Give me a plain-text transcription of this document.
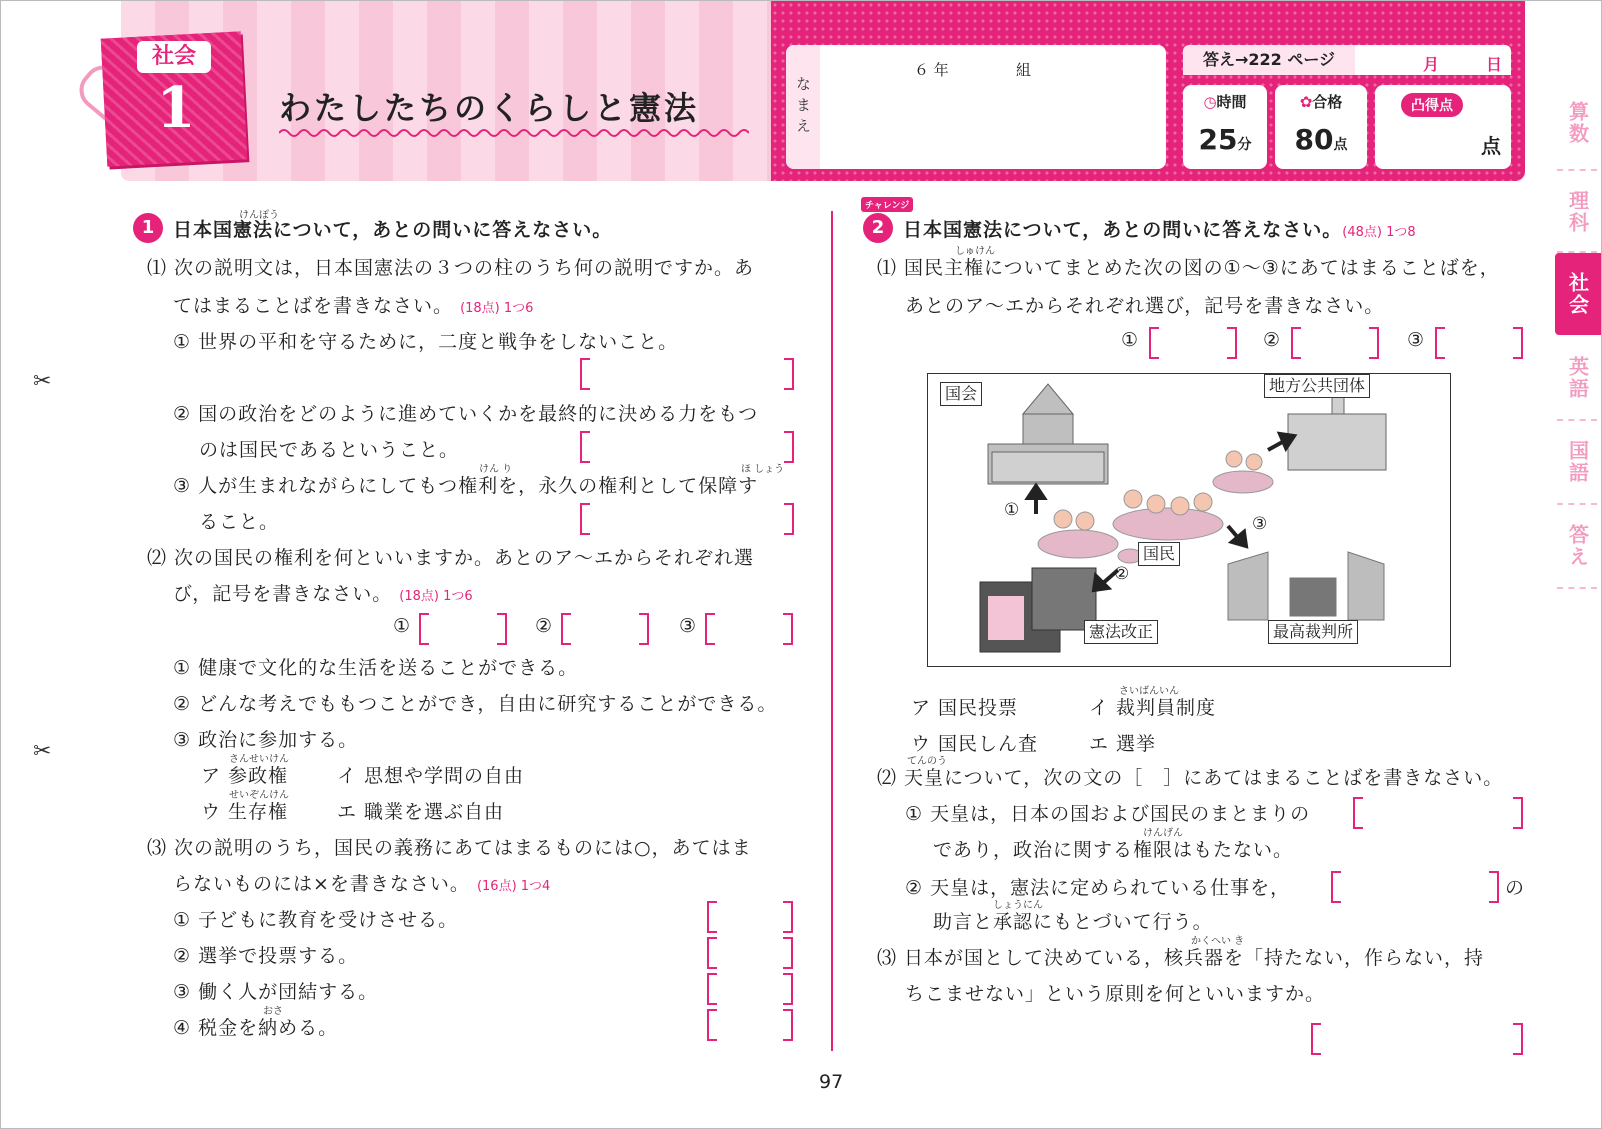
社会
1	わたしたちのくらしと憲法	なまえ
６ 年	組
答え→222 ページ	月	日
◷時間
25分
✿合格
80点
凸得点
点
算数
理科
社会
英語
国語
答え
✂
✂
1
けんぽう
日本国憲法について，あとの問いに答えなさい。
⑴ 次の説明文は，日本国憲法の３つの柱のうち何の説明ですか。あ
てはまることばを書きなさい。 (18点) 1つ6
① 世界の平和を守るために，二度と戦争をしないこと。
② 国の政治をどのように進めていくかを最終的に決める力をもつ
のは国民であるということ。
けん り	ほ しょう
③ 人が生まれながらにしてもつ権利を，永久の権利として保障す
ること。
⑵ 次の国民の権利を何といいますか。あとのア〜エからそれぞれ選
び，記号を書きなさい。 (18点) 1つ6
①	②	③
① 健康で文化的な生活を送ることができる。
② どんな考えでももつことができ，自由に研究することができる。
③ 政治に参加する。
さんせいけん
ア 参政権	イ 思想や学問の自由
せいぞんけん
ウ 生存権	エ 職業を選ぶ自由
⑶ 次の説明のうち，国民の義務にあてはまるものには○，あてはま
らないものには×を書きなさい。 (16点) 1つ4
① 子どもに教育を受けさせる。
② 選挙で投票する。
③ 働く人が団結する。
おさ
④ 税金を納める。
チャレンジ
2 日本国憲法について，あとの問いに答えなさい。(48点) 1つ8
しゅけん
⑴ 国民主権についてまとめた次の図の①〜③にあてはまることばを，
あとのア〜エからそれぞれ選び，記号を書きなさい。
①	②	③
国会	地方公共団体
国民
憲法改正	最高裁判所
①
②
③
ア 国民投票
さいばんいん
イ 裁判員制度
ウ 国民しん査	エ 選挙
てんのう
⑵ 天皇について，次の文の［　］にあてはまることばを書きなさい。
① 天皇は，日本の国および国民のまとまりの
けんげん
であり，政治に関する権限はもたない。
② 天皇は，憲法に定められている仕事を，	の
しょうにん
助言と承認にもとづいて行う。
かくへい き
⑶ 日本が国として決めている，核兵器を「持たない，作らない，持
ちこませない」という原則を何といいますか。
97
